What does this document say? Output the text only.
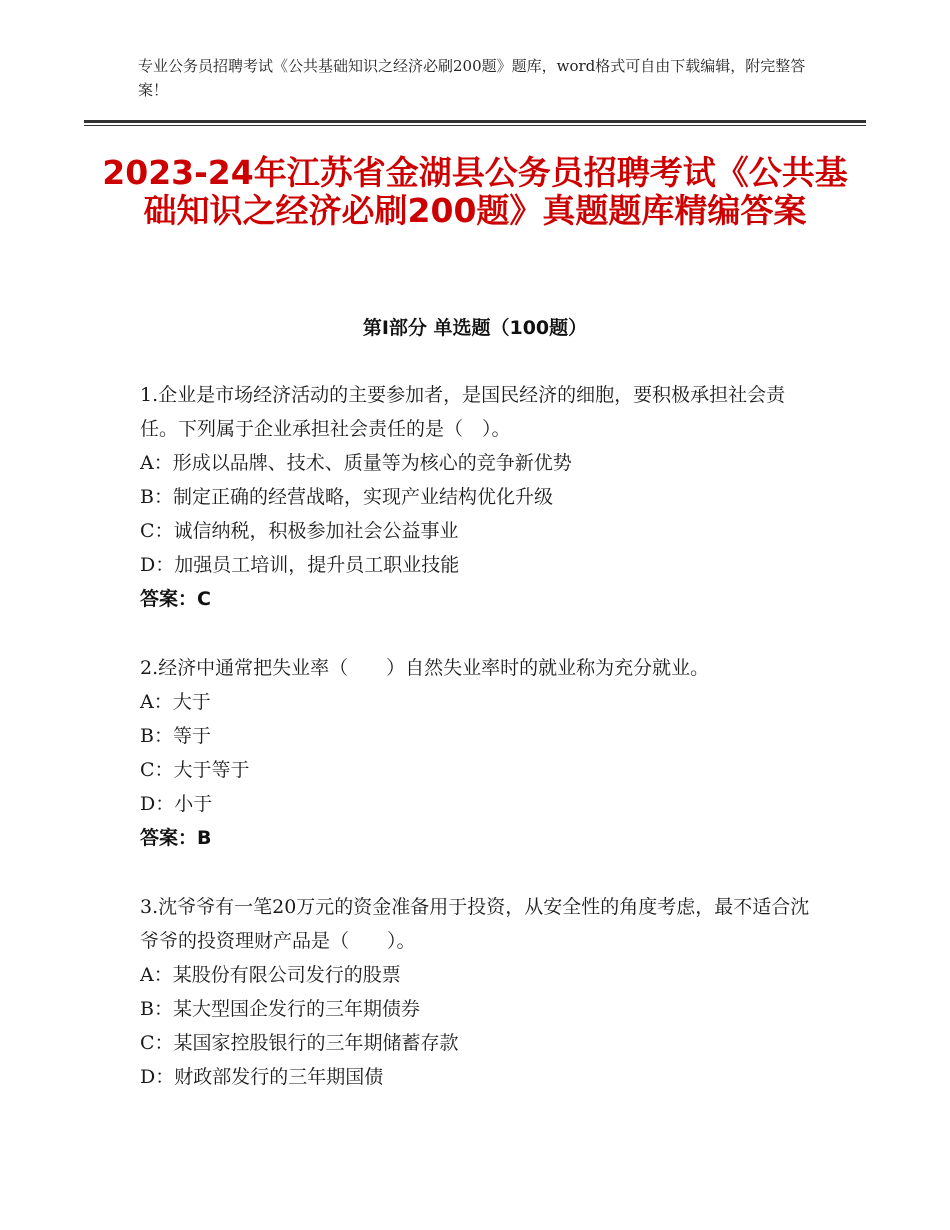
专业公务员招聘考试《公共基础知识之经济必刷200题》题库，word格式可自由下载编辑，附完整答案！
2023-24年江苏省金湖县公务员招聘考试《公共基础知识之经济必刷200题》真题题库精编答案
第Ⅰ部分 单选题（100题）
1.企业是市场经济活动的主要参加者，是国民经济的细胞，要积极承担社会责任。下列属于企业承担社会责任的是（　）。
A：形成以品牌、技术、质量等为核心的竞争新优势
B：制定正确的经营战略，实现产业结构优化升级
C：诚信纳税，积极参加社会公益事业
D：加强员工培训，提升员工职业技能
答案：C
2.经济中通常把失业率（　　）自然失业率时的就业称为充分就业。
A：大于
B：等于
C：大于等于
D：小于
答案：B
3.沈爷爷有一笔20万元的资金准备用于投资，从安全性的角度考虑，最不适合沈爷爷的投资理财产品是（　　）。
A：某股份有限公司发行的股票
B：某大型国企发行的三年期债券
C：某国家控股银行的三年期储蓄存款
D：财政部发行的三年期国债
